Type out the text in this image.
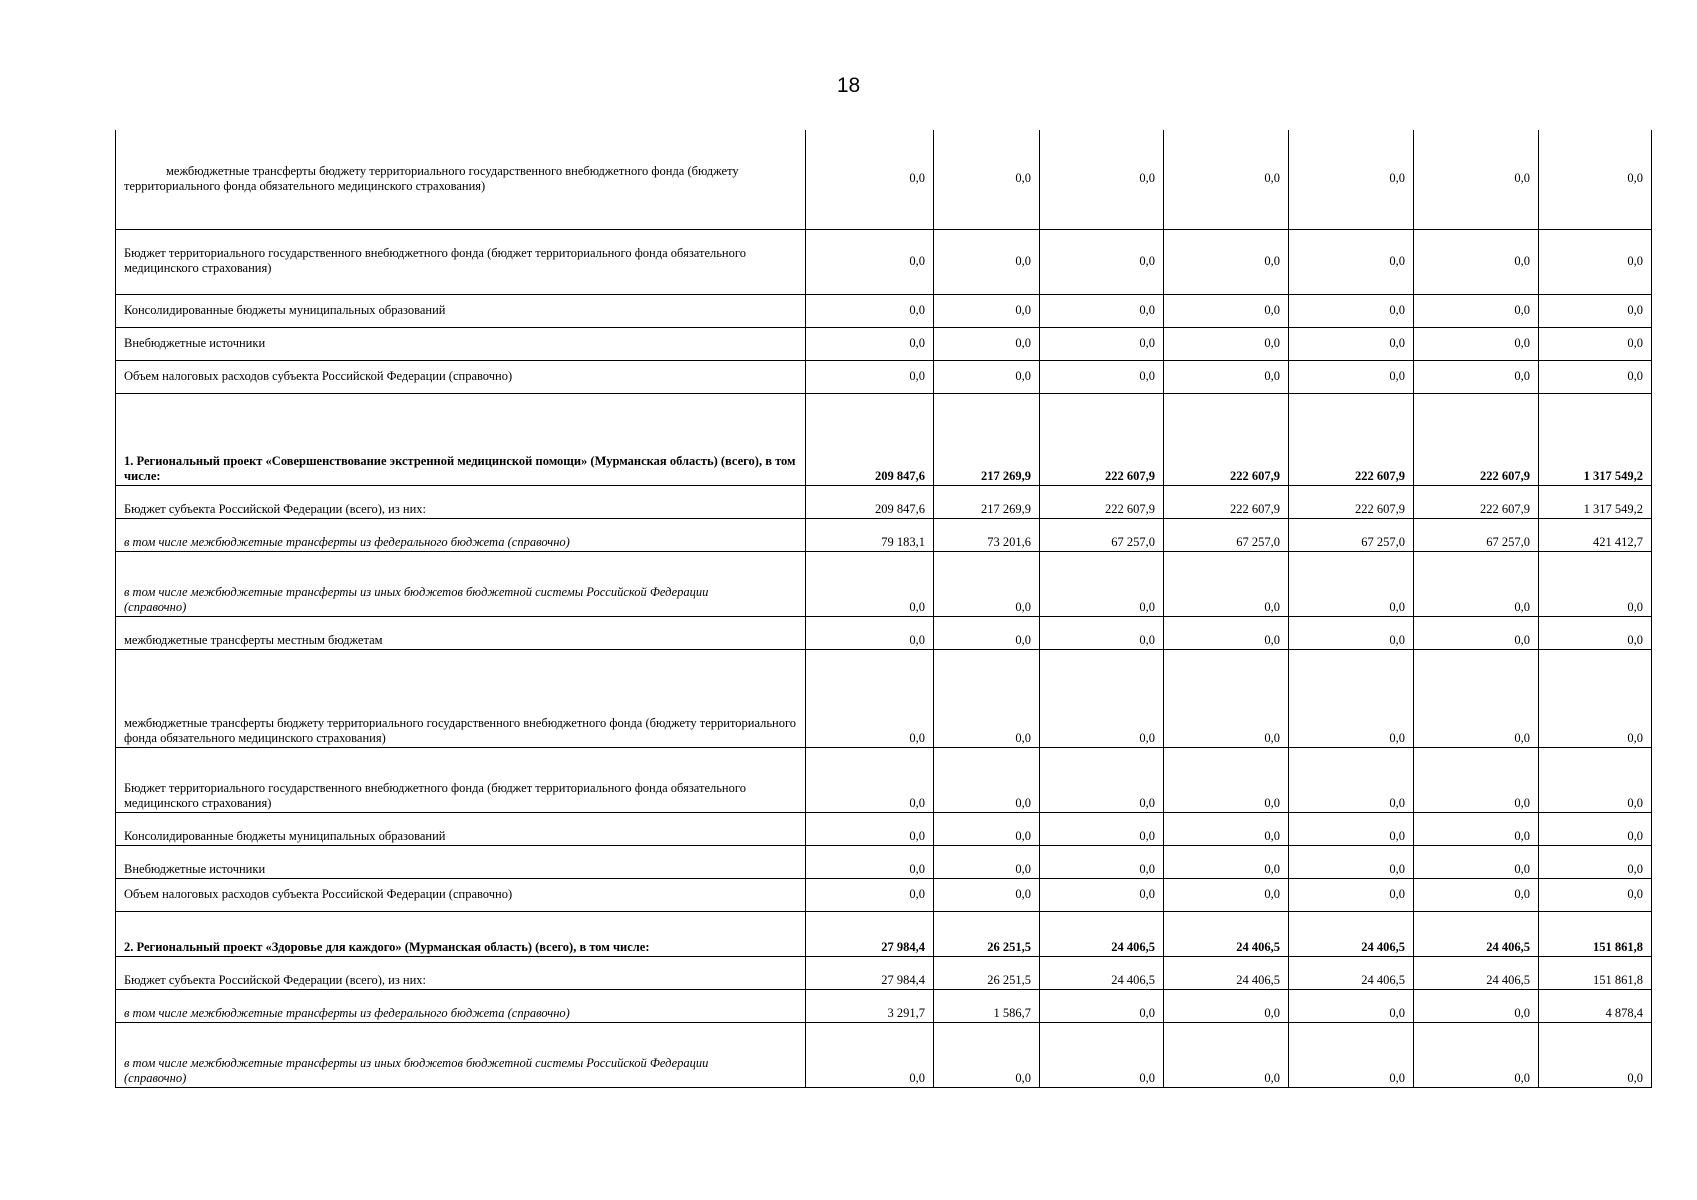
18
межбюджетные трансферты бюджету территориального государственного внебюджетного фонда (бюджету территориального фонда обязательного медицинского страхования)	0,0	0,0	0,0	0,0	0,0	0,0	0,0
Бюджет территориального государственного внебюджетного фонда (бюджет территориального фонда обязательного медицинского страхования)	0,0	0,0	0,0	0,0	0,0	0,0	0,0
Консолидированные бюджеты муниципальных образований	0,0	0,0	0,0	0,0	0,0	0,0	0,0
Внебюджетные источники	0,0	0,0	0,0	0,0	0,0	0,0	0,0
Объем налоговых расходов субъекта Российской Федерации (справочно)	0,0	0,0	0,0	0,0	0,0	0,0	0,0
1. Региональный проект «Совершенствование экстренной медицинской помощи» (Мурманская область) (всего), в том числе:	209 847,6	217 269,9	222 607,9	222 607,9	222 607,9	222 607,9	1 317 549,2
Бюджет субъекта Российской Федерации (всего), из них:	209 847,6	217 269,9	222 607,9	222 607,9	222 607,9	222 607,9	1 317 549,2
в том числе межбюджетные трансферты из федерального бюджета (справочно)	79 183,1	73 201,6	67 257,0	67 257,0	67 257,0	67 257,0	421 412,7
в том числе межбюджетные трансферты из иных бюджетов бюджетной системы Российской Федерации (справочно)	0,0	0,0	0,0	0,0	0,0	0,0	0,0
межбюджетные трансферты местным бюджетам	0,0	0,0	0,0	0,0	0,0	0,0	0,0
межбюджетные трансферты бюджету территориального государственного внебюджетного фонда (бюджету территориального фонда обязательного медицинского страхования)	0,0	0,0	0,0	0,0	0,0	0,0	0,0
Бюджет территориального государственного внебюджетного фонда (бюджет территориального фонда обязательного медицинского страхования)	0,0	0,0	0,0	0,0	0,0	0,0	0,0
Консолидированные бюджеты муниципальных образований	0,0	0,0	0,0	0,0	0,0	0,0	0,0
Внебюджетные источники	0,0	0,0	0,0	0,0	0,0	0,0	0,0
Объем налоговых расходов субъекта Российской Федерации (справочно)	0,0	0,0	0,0	0,0	0,0	0,0	0,0
2. Региональный проект «Здоровье для каждого» (Мурманская область) (всего), в том числе:	27 984,4	26 251,5	24 406,5	24 406,5	24 406,5	24 406,5	151 861,8
Бюджет субъекта Российской Федерации (всего), из них:	27 984,4	26 251,5	24 406,5	24 406,5	24 406,5	24 406,5	151 861,8
в том числе межбюджетные трансферты из федерального бюджета (справочно)	3 291,7	1 586,7	0,0	0,0	0,0	0,0	4 878,4
в том числе межбюджетные трансферты из иных бюджетов бюджетной системы Российской Федерации (справочно)	0,0	0,0	0,0	0,0	0,0	0,0	0,0
